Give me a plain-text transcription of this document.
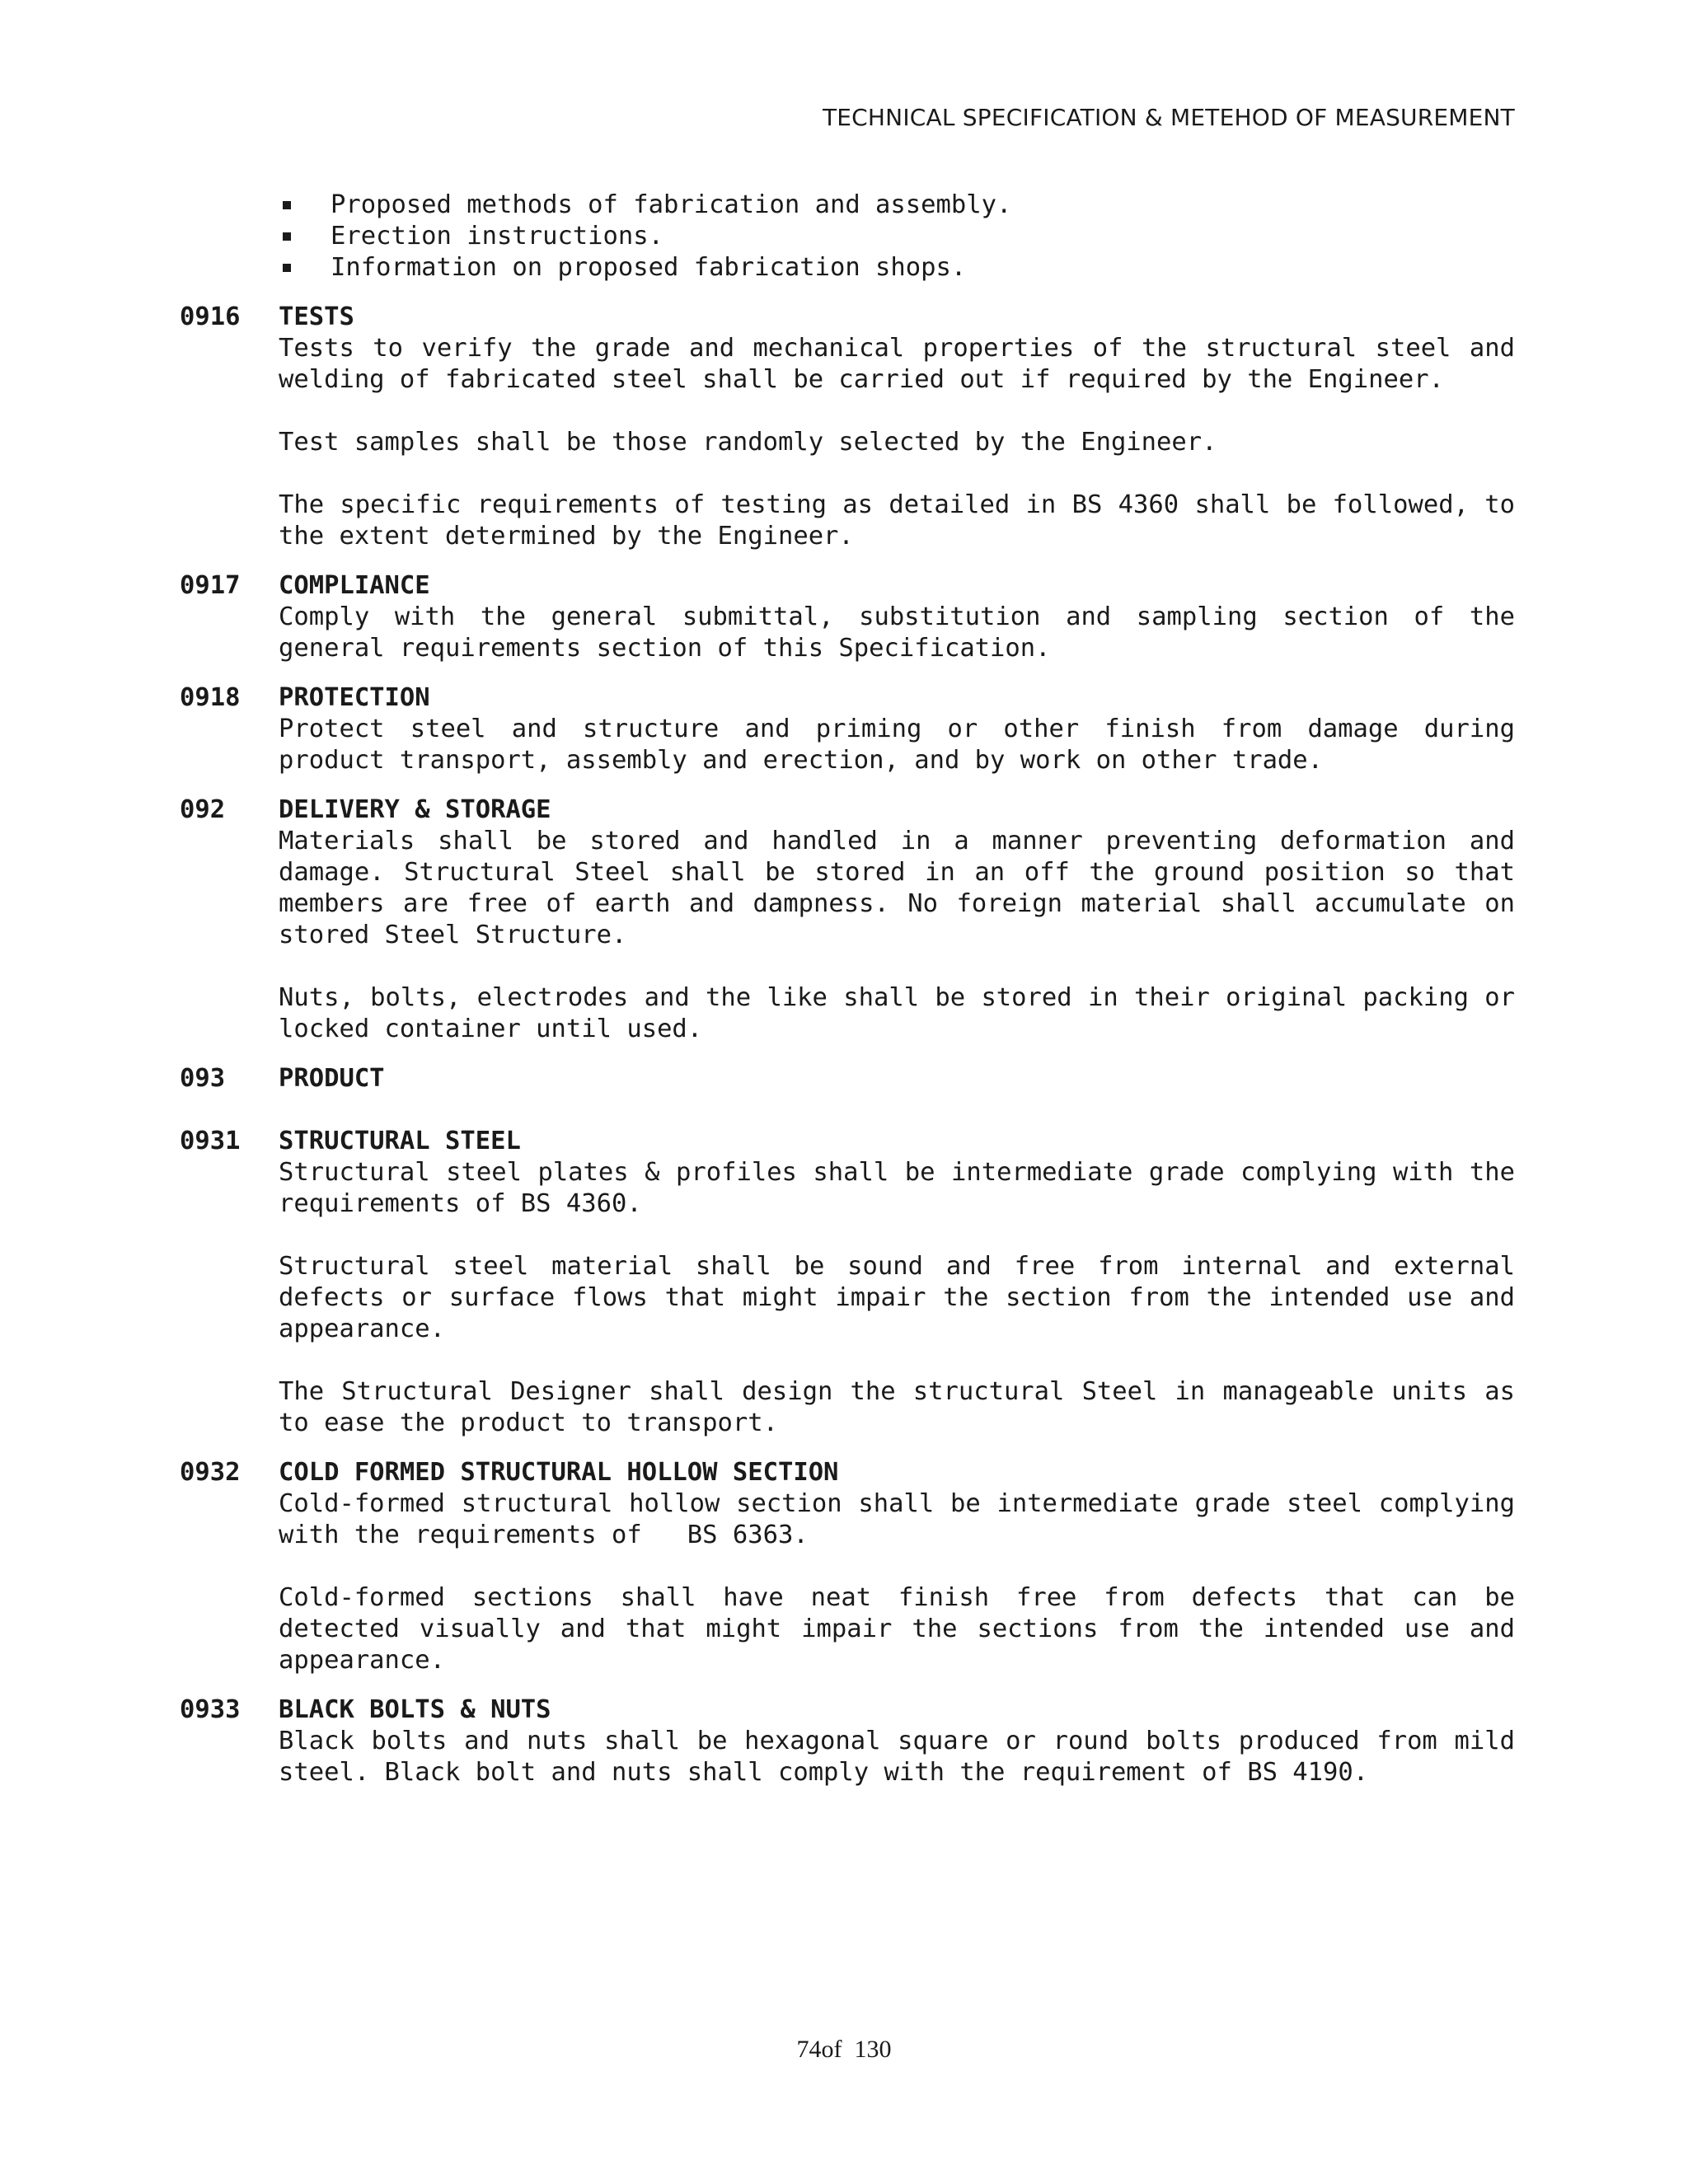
TECHNICAL SPECIFICATION & METEHOD OF MEASUREMENT
Proposed methods of fabrication and assembly.
Erection instructions.
Information on proposed fabrication shops.
0916	TESTS

Tests to verify the grade and mechanical properties of the structural steel and welding of fabricated steel shall be carried out if required by the Engineer.

Test samples shall be those randomly selected by the Engineer.

The specific requirements of testing as detailed in BS 4360 shall be followed, to the extent determined by the Engineer.

0917	COMPLIANCE

Comply with the general submittal, substitution and sampling section of the general requirements section of this Specification.

0918	PROTECTION

Protect steel and structure and priming or other finish from damage during product transport, assembly and erection, and by work on other trade.

092	DELIVERY & STORAGE

Materials shall be stored and handled in a manner preventing deformation and damage. Structural Steel shall be stored in an off the ground position so that members are free of earth and dampness. No foreign material shall accumulate on stored Steel Structure.

Nuts, bolts, electrodes and the like shall be stored in their original packing or locked container until used.

093	PRODUCT
0931	STRUCTURAL STEEL

Structural steel plates & profiles shall be intermediate grade complying with the requirements of BS 4360.

Structural steel material shall be sound and free from internal and external defects or surface flows that might impair the section from the intended use and appearance.

The Structural Designer shall design the structural Steel in manageable units as to ease the product to transport.

0932	COLD FORMED STRUCTURAL HOLLOW SECTION

Cold-formed structural hollow section shall be intermediate grade steel complying with the requirements of   BS 6363.

Cold-formed sections shall have neat finish free from defects that can be detected visually and that might impair the sections from the intended use and appearance.

0933	BLACK BOLTS & NUTS

Black bolts and nuts shall be hexagonal square or round bolts produced from mild steel. Black bolt and nuts shall comply with the requirement of BS 4190.

74of  130
